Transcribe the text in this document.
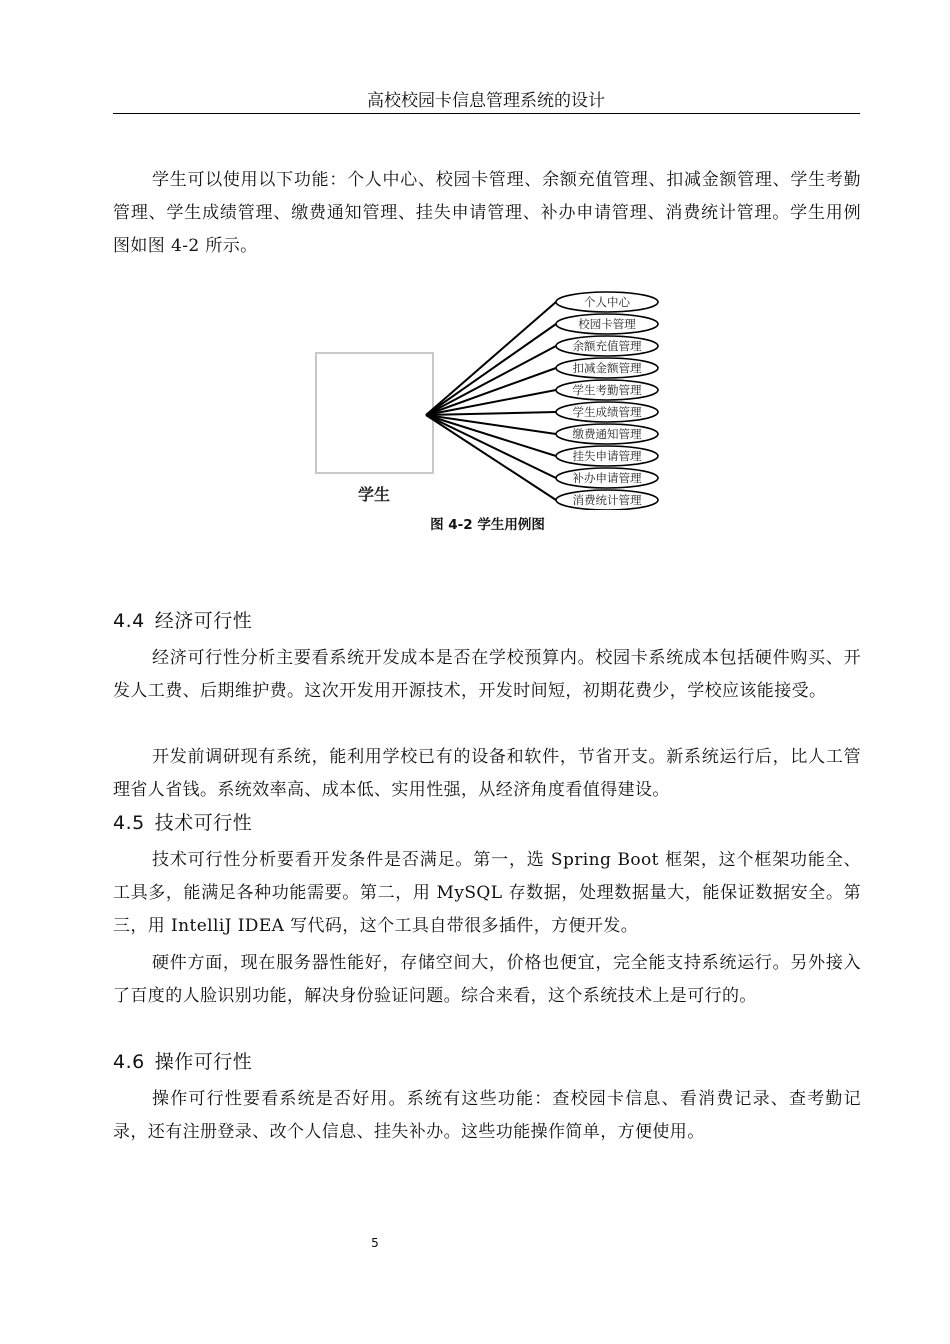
高校校园卡信息管理系统的设计

学生可以使用以下功能：个人中心、校园卡管理、余额充值管理、扣减金额管理、学生考勤管理、学生成绩管理、缴费通知管理、挂失申请管理、补办申请管理、消费统计管理。学生用例图如图 4-2 所示。

学生
个人中心
校园卡管理
余额充值管理
扣减金额管理
学生考勤管理
学生成绩管理
缴费通知管理
挂失申请管理
补办申请管理
消费统计管理
图 4-2 学生用例图
4.4 经济可行性

经济可行性分析主要看系统开发成本是否在学校预算内。校园卡系统成本包括硬件购买、开发人工费、后期维护费。这次开发用开源技术，开发时间短，初期花费少，学校应该能接受。

开发前调研现有系统，能利用学校已有的设备和软件，节省开支。新系统运行后，比人工管理省人省钱。系统效率高、成本低、实用性强，从经济角度看值得建设。

4.5 技术可行性

技术可行性分析要看开发条件是否满足。第一，选 Spring Boot 框架，这个框架功能全、工具多，能满足各种功能需要。第二，用 MySQL 存数据，处理数据量大，能保证数据安全。第三，用 IntelliJ IDEA 写代码，这个工具自带很多插件，方便开发。

硬件方面，现在服务器性能好，存储空间大，价格也便宜，完全能支持系统运行。另外接入了百度的人脸识别功能，解决身份验证问题。综合来看，这个系统技术上是可行的。

4.6 操作可行性

操作可行性要看系统是否好用。系统有这些功能：查校园卡信息、看消费记录、查考勤记录，还有注册登录、改个人信息、挂失补办。这些功能操作简单，方便使用。

5
